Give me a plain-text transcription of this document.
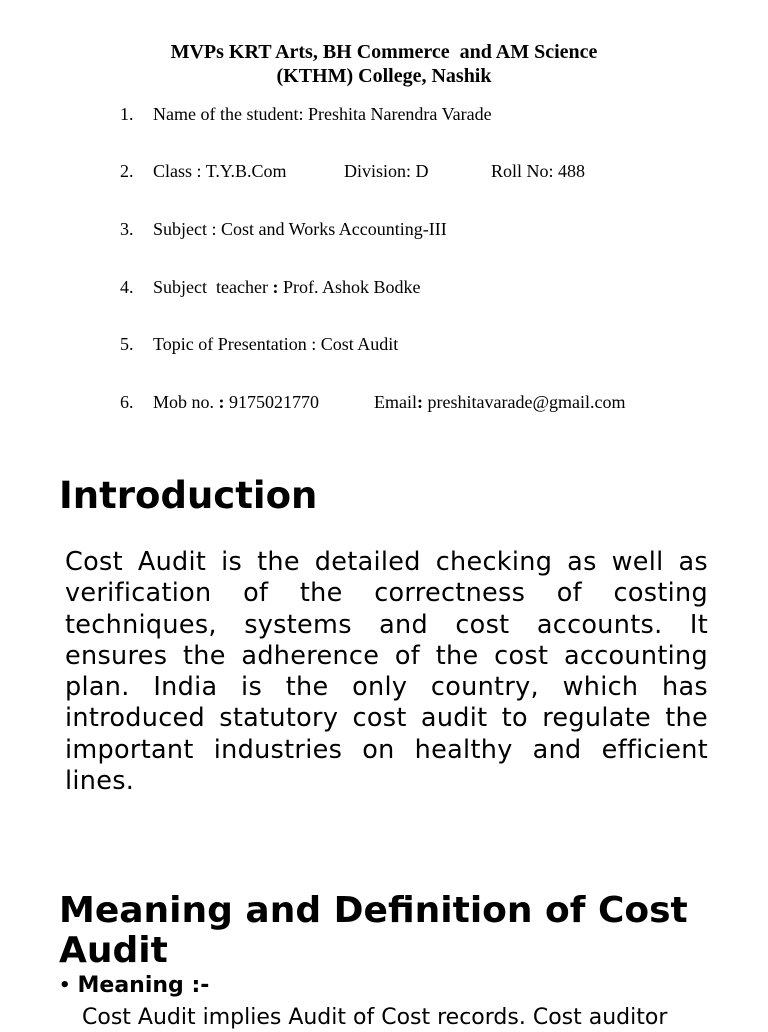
MVPs KRT Arts, BH Commerce  and AM Science
(KTHM) College, Nashik
1. Name of the student: Preshita Narendra Varade
2. Class : T.Y.B.Com	Division: D	Roll No: 488
3. Subject : Cost and Works Accounting-III
4. Subject  teacher : Prof. Ashok Bodke
5. Topic of Presentation : Cost Audit
6. Mob no. : 9175021770	Email: preshitavarade@gmail.com
Introduction
Cost Audit is the detailed checking as well as verification of the correctness of costing techniques, systems and cost accounts. It ensures the adherence of the cost accounting plan. India is the only country, which has introduced statutory cost audit to regulate the important industries on healthy and efficient lines.
Meaning and Definition of Cost Audit
• Meaning :-
Cost Audit implies Audit of Cost records. Cost auditor
